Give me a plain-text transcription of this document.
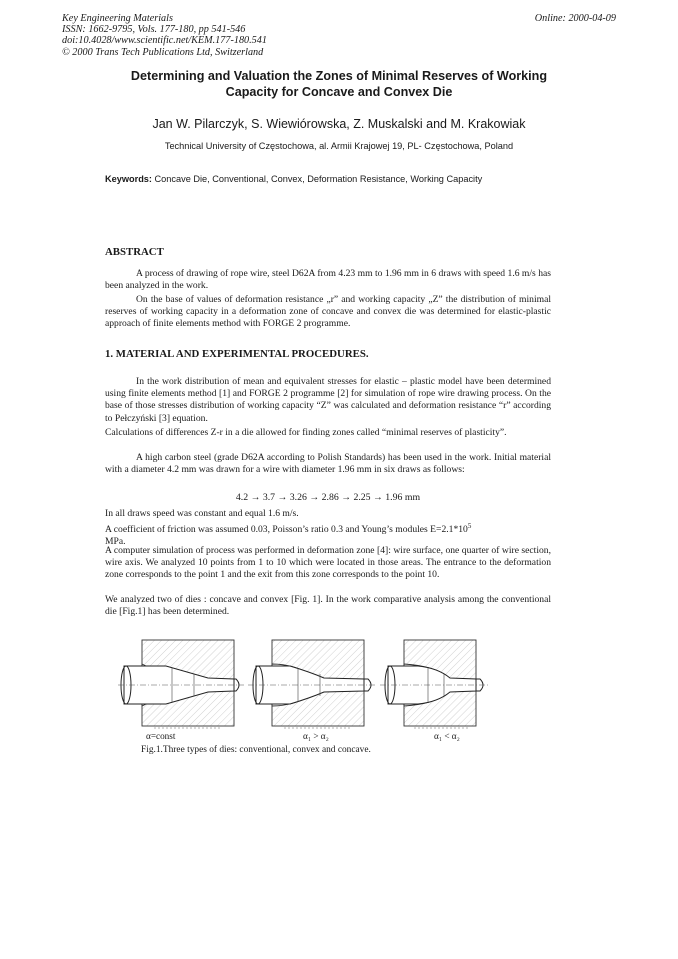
Key Engineering Materials
ISSN: 1662-9795, Vols. 177-180, pp 541-546
doi:10.4028/www.scientific.net/KEM.177-180.541
© 2000 Trans Tech Publications Ltd, Switzerland
Online: 2000-04-09
Determining and Valuation the Zones of Minimal Reserves of Working
Capacity for Concave and Convex Die
Jan W. Pilarczyk, S. Wiewiórowska, Z. Muskalski and M. Krakowiak
Technical University of Częstochowa, al. Armii Krajowej 19, PL- Częstochowa, Poland
Keywords: Concave Die, Conventional, Convex, Deformation Resistance, Working Capacity
ABSTRACT

A process of drawing of rope wire, steel D62A from 4.23 mm to 1.96 mm in 6 draws with speed 1.6 m/s has been analyzed in the work.

On the base of values of deformation resistance „r” and working capacity „Z” the distribution of minimal reserves of working capacity in a deformation zone of concave and convex die was determined for elastic-plastic approach of finite elements method with FORGE 2 programme.

1. MATERIAL AND EXPERIMENTAL PROCEDURES.

In the work distribution of mean and equivalent stresses for elastic – plastic model have been determined using finite elements method [1] and FORGE 2 programme [2] for simulation of rope wire drawing process. On the base of those stresses distribution of working capacity “Z” was calculated and deformation resistance “r” according to Pełczyński [3] equation.

Calculations of differences Z-r in a die allowed for finding zones called “minimal reserves of plasticity”.

A high carbon steel (grade D62A according to Polish Standards) has been used in the work. Initial material with a diameter 4.2 mm was drawn for a wire with diameter 1.96 mm in six draws as follows:

4.2 → 3.7 → 3.26 → 2.86 → 2.25 → 1.96 mm

In all draws speed was constant and equal 1.6 m/s.

A coefficient of friction was assumed 0.03, Poisson’s ratio 0.3 and Young’s modules $E=2.1*10^5$
MPa.

A computer simulation of process was performed in deformation zone [4]: wire surface, one quarter of wire section, wire axis. We analyzed 10 points from 1 to 10 which were located in those areas. The entrance to the deformation zone corresponds to the point 1 and the exit from this zone corresponds to the point 10.

We analyzed two of dies : concave and convex [Fig. 1]. In the work comparative analysis among the conventional die [Fig.1] has been determined.

α=const	α₁ > α₂	α₁ < α₂
Fig.1.Three types of dies: conventional, convex and concave.
